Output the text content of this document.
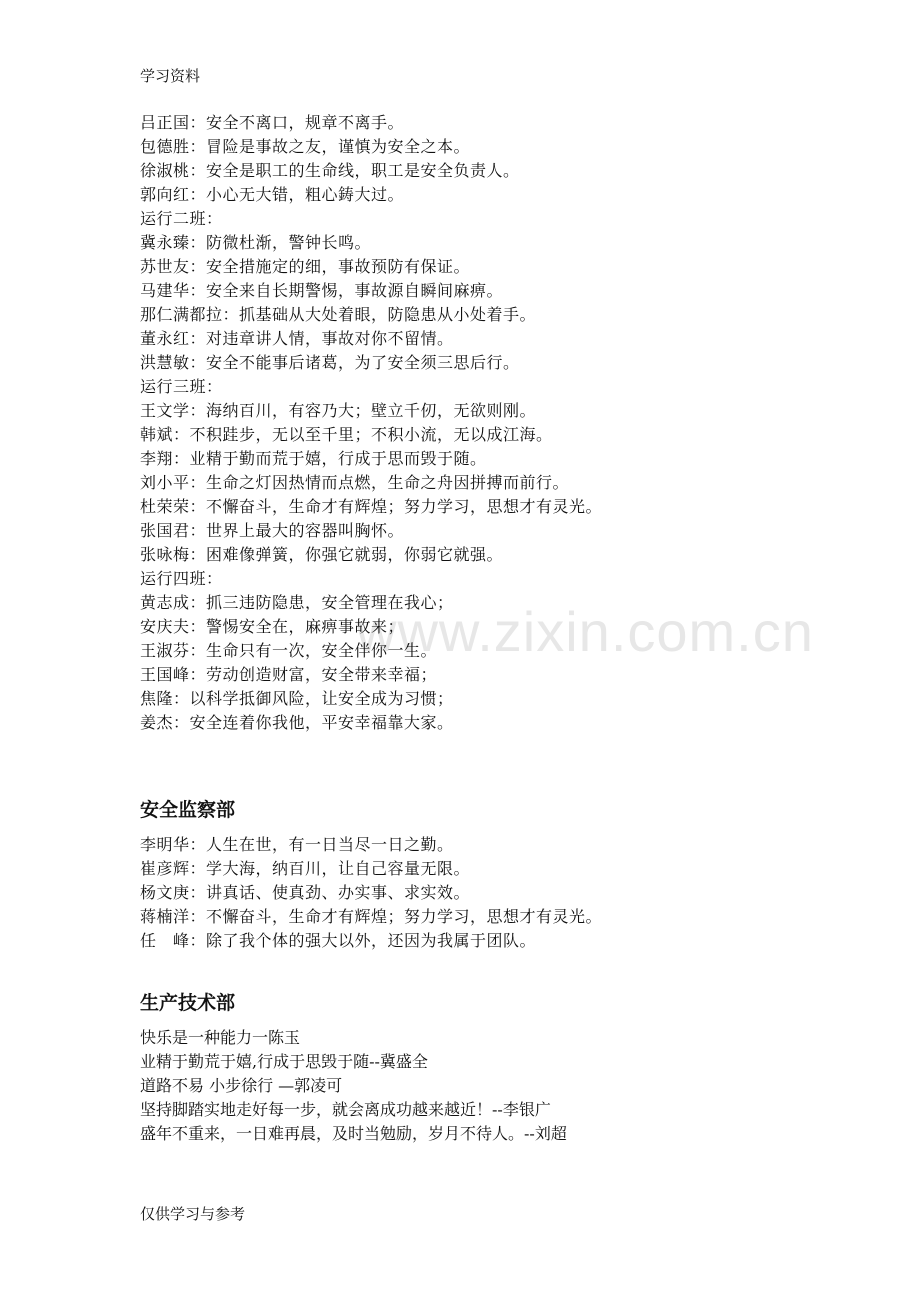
www.zixin.com.cn
学习资料
吕正国：安全不离口，规章不离手。
包德胜：冒险是事故之友，谨慎为安全之本。
徐淑桃：安全是职工的生命线，职工是安全负责人。
郭向红：小心无大错，粗心鋳大过。
运行二班：
冀永臻：防微杜渐，警钟长鸣。
苏世友：安全措施定的细，事故预防有保证。
马建华：安全来自长期警惕，事故源自瞬间麻痹。
那仁满都拉：抓基础从大处着眼，防隐患从小处着手。
董永红：对违章讲人情，事故对你不留情。
洪慧敏：安全不能事后诸葛，为了安全须三思后行。
运行三班：
王文学：海纳百川，有容乃大；壁立千仞，无欲则刚。
韩斌：不积跬步，无以至千里；不积小流，无以成江海。
李翔：业精于勤而荒于嬉，行成于思而毁于随。
刘小平：生命之灯因热情而点燃，生命之舟因拼搏而前行。
杜荣荣：不懈奋斗，生命才有辉煌；努力学习，思想才有灵光。
张国君：世界上最大的容器叫胸怀。
张咏梅：困难像弹簧，你强它就弱，你弱它就强。
运行四班：
黄志成：抓三违防隐患，安全管理在我心；
安庆夫：警惕安全在，麻痹事故来；
王淑芬：生命只有一次，安全伴你一生。
王国峰：劳动创造财富，安全带来幸福；
焦隆：以科学抵御风险，让安全成为习惯；
姜杰：安全连着你我他，平安幸福靠大家。
安全监察部
李明华：人生在世，有一日当尽一日之勤。
崔彦辉：学大海，纳百川，让自己容量无限。
杨文庚：讲真话、使真劲、办实事、求实效。
蒋楠洋：不懈奋斗，生命才有辉煌；努力学习，思想才有灵光。
任　峰：除了我个体的强大以外，还因为我属于团队。
生产技术部
快乐是一种能力一陈玉
业精于勤荒于嬉,行成于思毁于随--冀盛全
道路不易 小步徐行 —郭凌可
坚持脚踏实地走好每一步，就会离成功越来越近！--李银广
盛年不重来，一日难再晨，及时当勉励，岁月不待人。--刘超
仅供学习与参考
